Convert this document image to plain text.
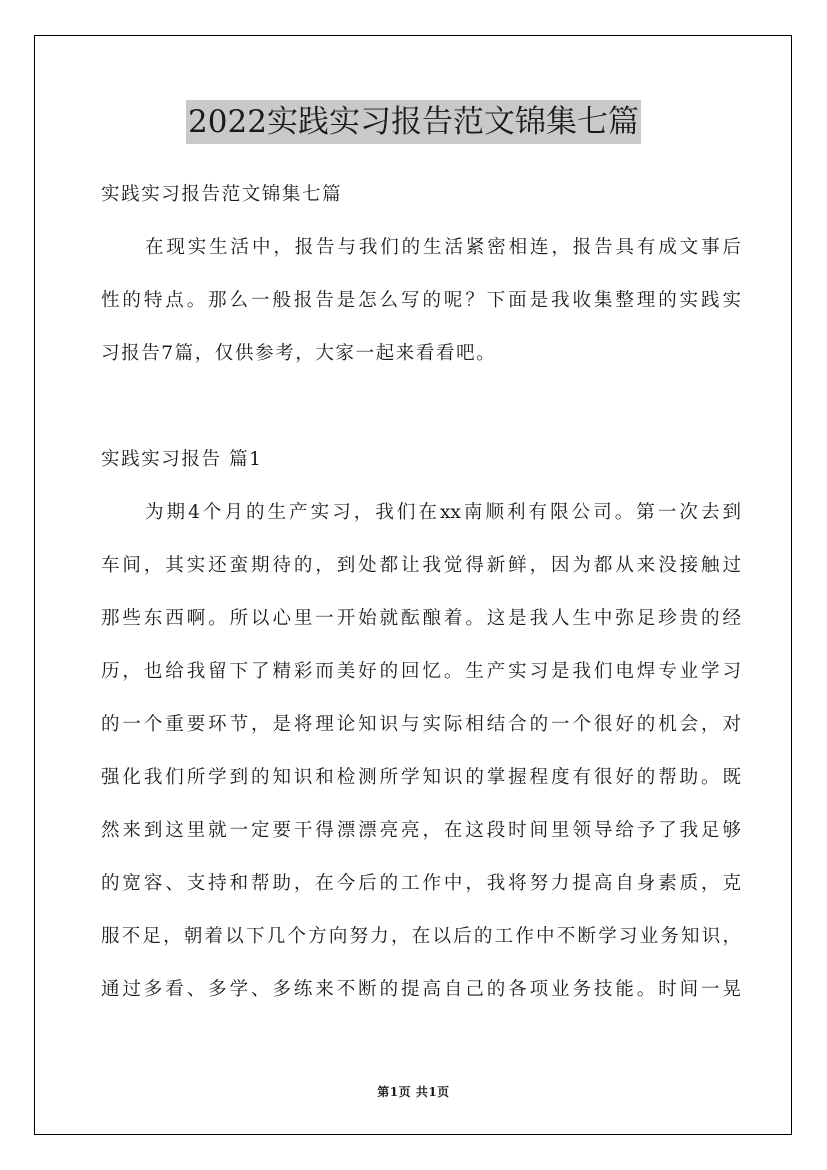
2022实践实习报告范文锦集七篇
实践实习报告范文锦集七篇
在现实生活中，报告与我们的生活紧密相连，报告具有成文事后
性的特点。那么一般报告是怎么写的呢？下面是我收集整理的实践实
习报告7篇，仅供参考，大家一起来看看吧。
实践实习报告 篇1
为期4个月的生产实习，我们在xx南顺利有限公司。第一次去到
车间，其实还蛮期待的，到处都让我觉得新鲜，因为都从来没接触过
那些东西啊。所以心里一开始就酝酿着。这是我人生中弥足珍贵的经
历，也给我留下了精彩而美好的回忆。生产实习是我们电焊专业学习
的一个重要环节，是将理论知识与实际相结合的一个很好的机会，对
强化我们所学到的知识和检测所学知识的掌握程度有很好的帮助。既
然来到这里就一定要干得漂漂亮亮，在这段时间里领导给予了我足够
的宽容、支持和帮助，在今后的工作中，我将努力提高自身素质，克
服不足，朝着以下几个方向努力，在以后的工作中不断学习业务知识，
通过多看、多学、多练来不断的提高自己的各项业务技能。时间一晃
第1页 共1页
